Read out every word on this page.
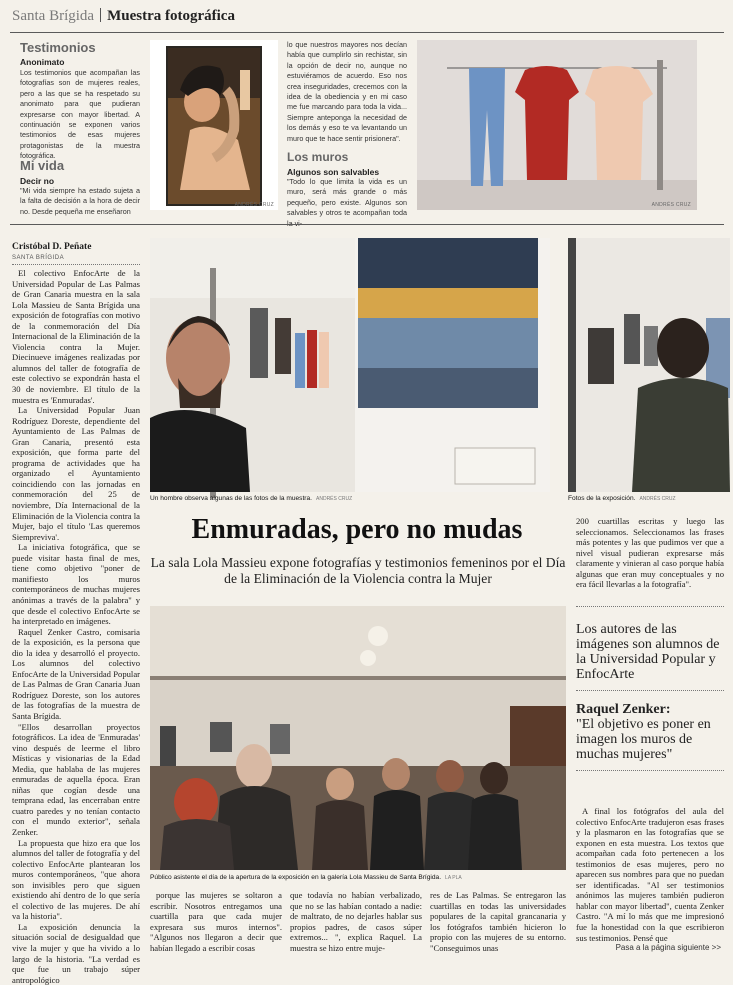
Santa Brígida Muestra fotográfica
Testimonios
Anonimato
Los testimonios que acompañan las fotografías son de mujeres reales, pero a las que se ha respetado su anonimato para que pudieran expresarse con mayor libertad. A continuación se exponen varios testimonios de esas mujeres protagonistas de la muestra fotográfica.
Mi vida
Decir no
"Mi vida siempre ha estado sujeta a la falta de decisión a la hora de decir no. Desde pequeña me enseñaron
ANDRÉS CRUZ
lo que nuestros mayores nos decían había que cumplirlo sin rechistar, sin la opción de decir no, aunque no estuviéramos de acuerdo. Eso nos crea inseguridades, crecemos con la idea de la obediencia y en mi caso me fue marcando para toda la vida... Siempre anteponga la necesidad de los demás y eso te va levantando un muro que te hace sentir prisionera".
Los muros
Algunos son salvables
"Todo lo que limita la vida es un muro, será más grande o más pequeño, pero existe. Algunos son salvables y otros te acompañan toda
ANDRÉS CRUZ
Cristóbal D. Peñate
SANTA BRÍGIDA

El colectivo EnfocArte de la Universidad Popular de Las Palmas de Gran Canaria muestra en la sala Lola Massieu de Santa Brígida una exposición de fotografías con motivo de la conmemoración del Día Internacional de la Eliminación de la Violencia contra la Mujer. Diecinueve imágenes realizadas por alumnos del taller de fotografía de este colectivo se expondrán hasta el 30 de noviembre. El título de la muestra es 'Enmuradas'.

La Universidad Popular Juan Rodríguez Doreste, dependiente del Ayuntamiento de Las Palmas de Gran Canaria, presentó esta exposición, que forma parte del programa de actividades que ha organizado el Ayuntamiento coincidiendo con las jornadas en conmemoración del 25 de noviembre, Día Internacional de la Eliminación de la Violencia contra la Mujer, bajo el título 'Las queremos Siempreviva'.

La iniciativa fotográfica, que se puede visitar hasta final de mes, tiene como objetivo "poner de manifiesto los muros contemporáneos de muchas mujeres anónimas a través de la palabra" y que desde el colectivo EnfocArte se ha interpretado en imágenes.

Raquel Zenker Castro, comisaria de la exposición, es la persona que dio la idea y desarrolló el proyecto. Los alumnos del colectivo EnfocArte de la Universidad Popular de Las Palmas de Gran Canaria Juan Rodríguez Doreste, son los autores de las fotografías de la muestra de Santa Brígida.

"Ellos desarrollan proyectos fotográficos. La idea de 'Enmuradas' vino después de leerme el libro Místicas y visionarias de la Edad Media, que hablaba de las mujeres enmuradas de aquella época. Eran niñas que cogían desde una temprana edad, las encerraban entre cuatro paredes y no tenían contacto con el mundo exterior", señala Zenker.

La propuesta que hizo era que los alumnos del taller de fotografía y del colectivo EnfocArte plantearan los muros contemporáneos, "que ahora son invisibles pero que siguen existiendo ahí dentro de lo que sería el colectivo de las mujeres. De ahí va la historia".

La exposición denuncia la situación social de desigualdad que vive la mujer y que ha vivido a lo largo de la historia. "La verdad es que fue un trabajo súper antropológico

Un hombre observa algunas de las fotos de la muestra. ANDRÉS CRUZ	Fotos de la exposición. ANDRÉS CRUZ
Enmuradas, pero no mudas
La sala Lola Massieu expone fotografías y testimonios femeninos por el Día de la Eliminación de la Violencia contra la Mujer
Público asistente el día de la apertura de la exposición en la galería Lola Massieu de Santa Brígida. LA PLA

porque las mujeres se soltaron a escribir. Nosotros entregamos una cuartilla para que cada mujer expresara sus muros internos". "Algunos nos llegaron a decir que habían llegado a escribir cosas

que todavía no habían verbalizado, que no se las habían contado a nadie: de maltrato, de no dejarles hablar sus propios padres, de casos súper extremos... ", explica Raquel. La muestra se hizo entre muje-

res de Las Palmas. Se entregaron las cuartillas en todas las universidades populares de la capital grancanaria y los fotógrafos también hicieron lo propio con las mujeres de su entorno. "Conseguimos unas

200 cuartillas escritas y luego las seleccionamos. Seleccionamos las frases más potentes y las que pudimos ver que a nivel visual pudieran expresarse más claramente y vinieran al caso porque había algunas que eran muy conceptuales y no era fácil llevarlas a la fotografía".

Los autores de las imágenes son alumnos de la Universidad Popular y EnfocArte
Raquel Zenker:
"El objetivo es poner en imagen los muros de muchas mujeres"

A final los fotógrafos del aula del colectivo EnfocArte tradujeron esas frases y la plasmaron en las fotografías que se exponen en esta muestra. Los textos que acompañan cada foto pertenecen a los testimonios de esas mujeres, pero no aparecen sus nombres para que no puedan ser identificadas. "Al ser testimonios anónimos las mujeres también pudieron hablar con mayor libertad", cuenta Zenker Castro. "A mí lo más que me impresionó fue la honestidad con la que escribieron sus testimonios. Pensé que

Pasa a la página siguiente >>
